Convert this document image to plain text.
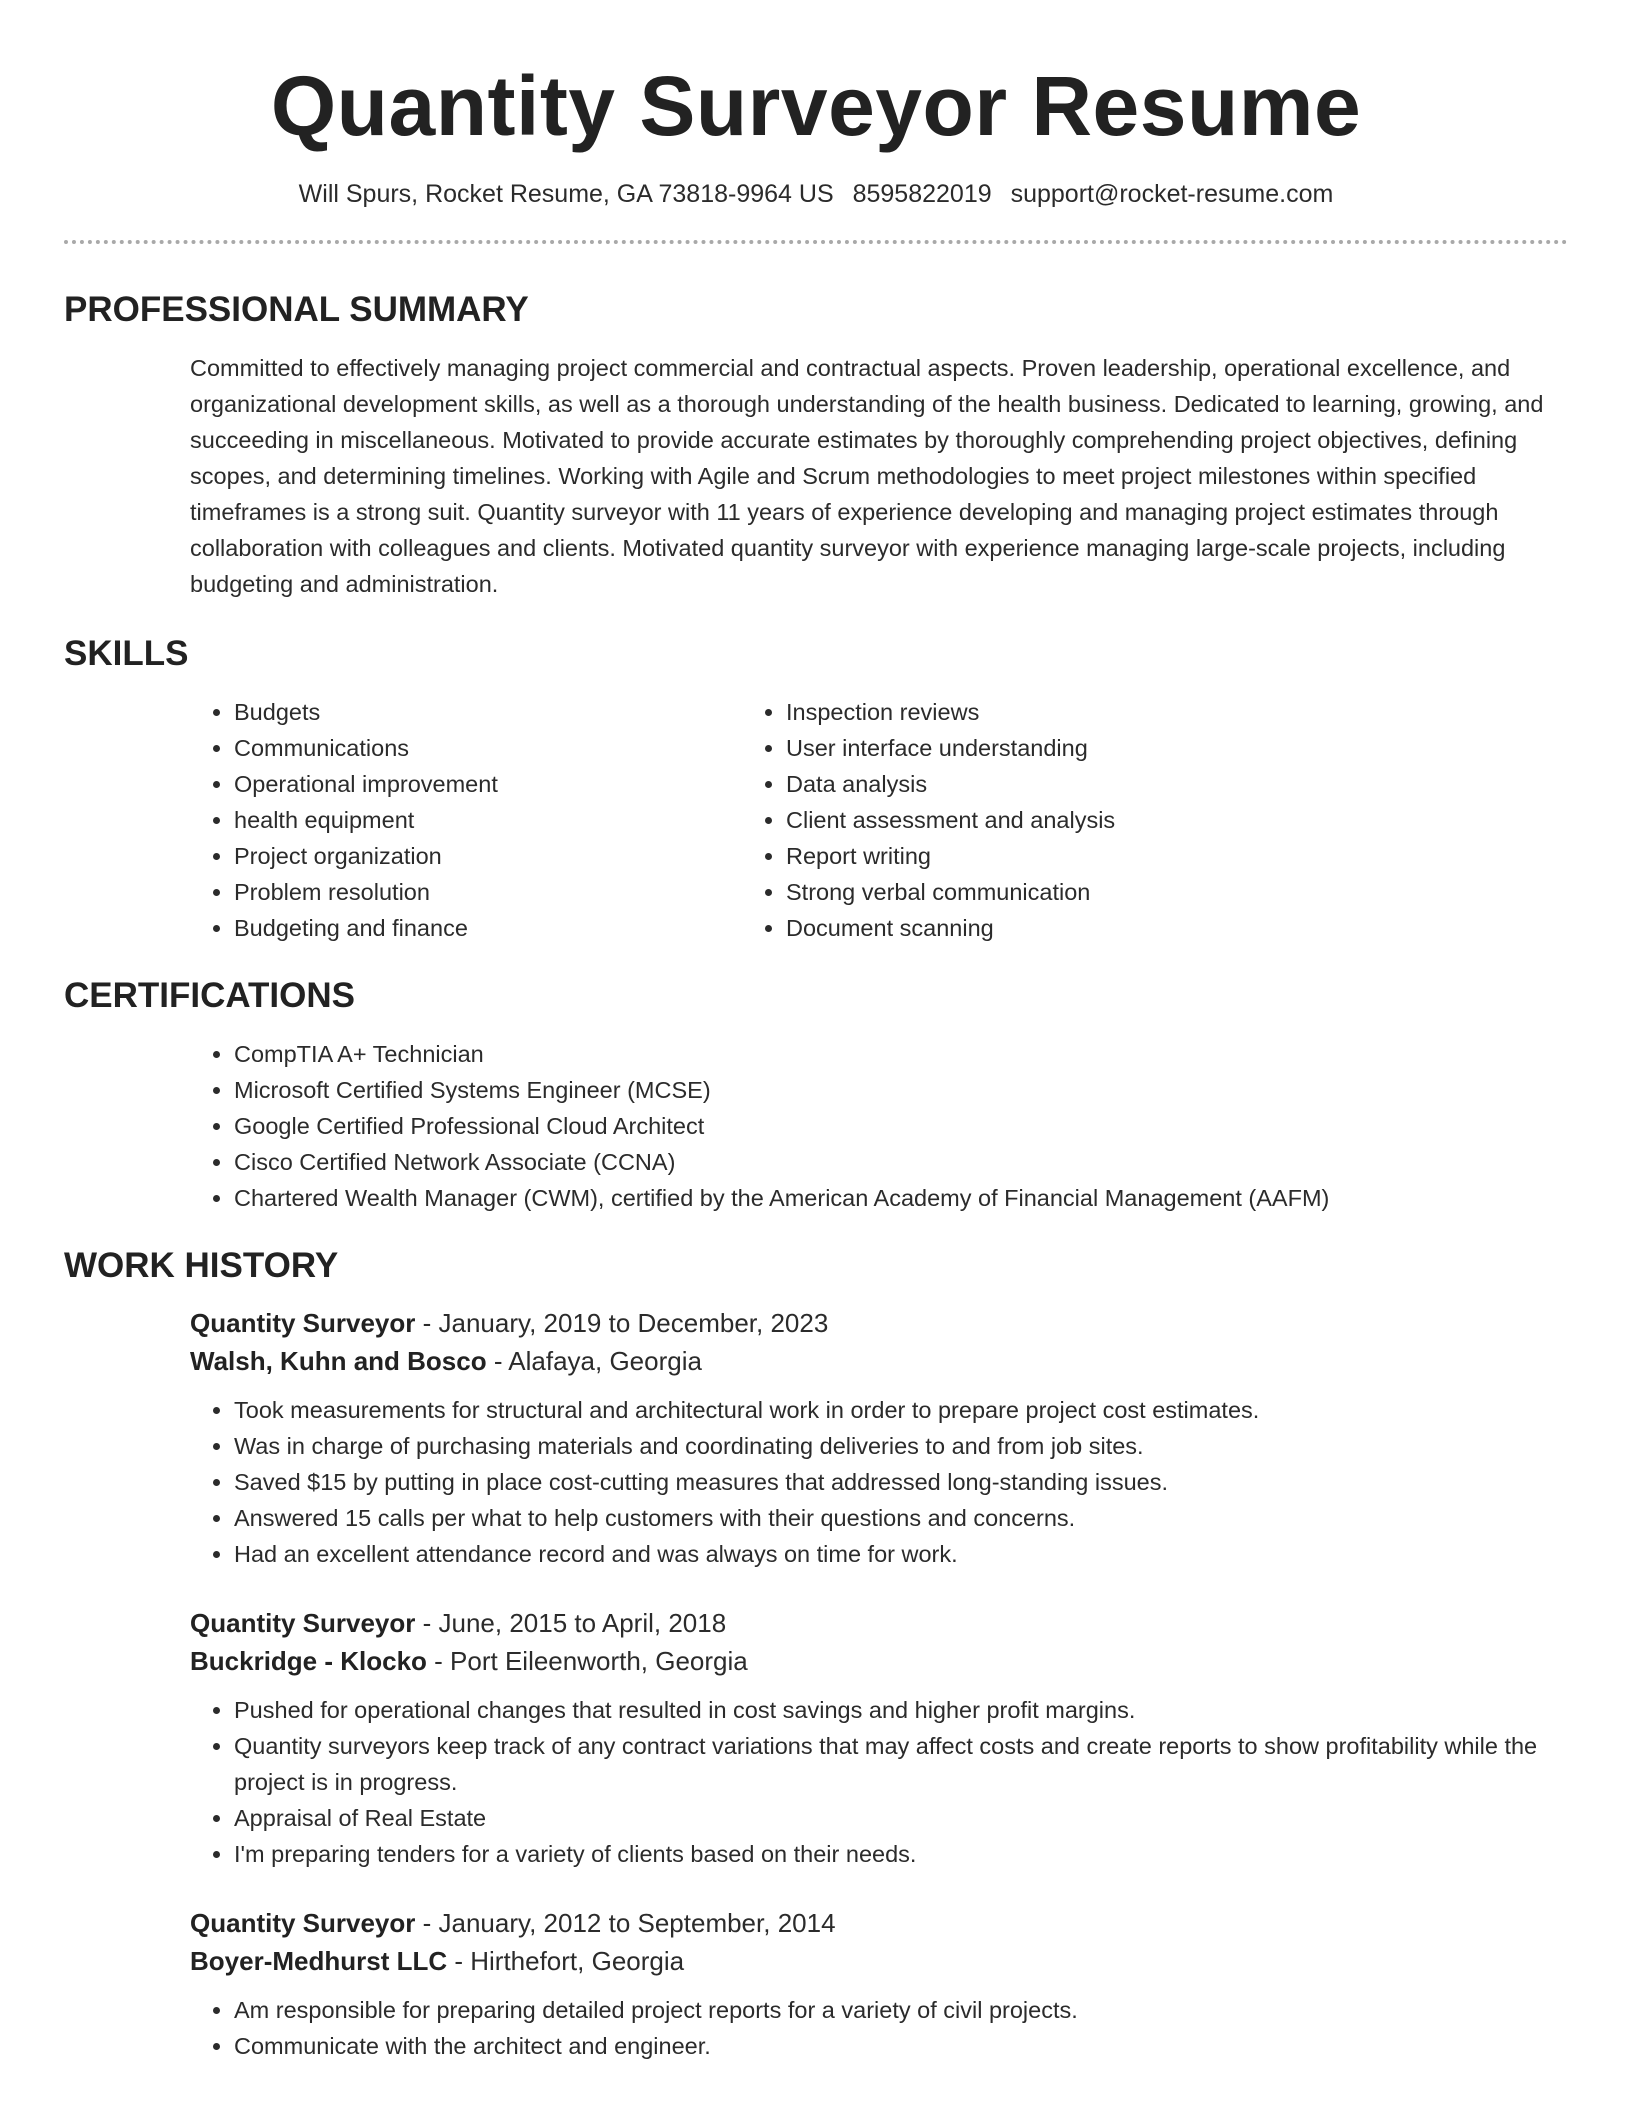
Quantity Surveyor Resume
Will Spurs, Rocket Resume, GA 73818-9964 US 8595822019 support@rocket-resume.com
PROFESSIONAL SUMMARY

Committed to effectively managing project commercial and contractual aspects. Proven leadership, operational excellence, and organizational development skills, as well as a thorough understanding of the health business. Dedicated to learning, growing, and succeeding in miscellaneous. Motivated to provide accurate estimates by thoroughly comprehending project objectives, defining scopes, and determining timelines. Working with Agile and Scrum methodologies to meet project milestones within specified timeframes is a strong suit. Quantity surveyor with 11 years of experience developing and managing project estimates through collaboration with colleagues and clients. Motivated quantity surveyor with experience managing large-scale projects, including budgeting and administration.

SKILLS
• Budgets
• Communications
• Operational improvement
• health equipment
• Project organization
• Problem resolution
• Budgeting and finance
• Inspection reviews
• User interface understanding
• Data analysis
• Client assessment and analysis
• Report writing
• Strong verbal communication
• Document scanning
CERTIFICATIONS
• CompTIA A+ Technician
• Microsoft Certified Systems Engineer (MCSE)
• Google Certified Professional Cloud Architect
• Cisco Certified Network Associate (CCNA)
• Chartered Wealth Manager (CWM), certified by the American Academy of Financial Management (AAFM)
WORK HISTORY
Quantity Surveyor - January, 2019 to December, 2023
Walsh, Kuhn and Bosco - Alafaya, Georgia
• Took measurements for structural and architectural work in order to prepare project cost estimates.
• Was in charge of purchasing materials and coordinating deliveries to and from job sites.
• Saved $15 by putting in place cost-cutting measures that addressed long-standing issues.
• Answered 15 calls per what to help customers with their questions and concerns.
• Had an excellent attendance record and was always on time for work.
Quantity Surveyor - June, 2015 to April, 2018
Buckridge - Klocko - Port Eileenworth, Georgia
• Pushed for operational changes that resulted in cost savings and higher profit margins.
• Quantity surveyors keep track of any contract variations that may affect costs and create reports to show profitability while the project is in progress.
• Appraisal of Real Estate
• I'm preparing tenders for a variety of clients based on their needs.
Quantity Surveyor - January, 2012 to September, 2014
Boyer-Medhurst LLC - Hirthefort, Georgia
• Am responsible for preparing detailed project reports for a variety of civil projects.
• Communicate with the architect and engineer.
